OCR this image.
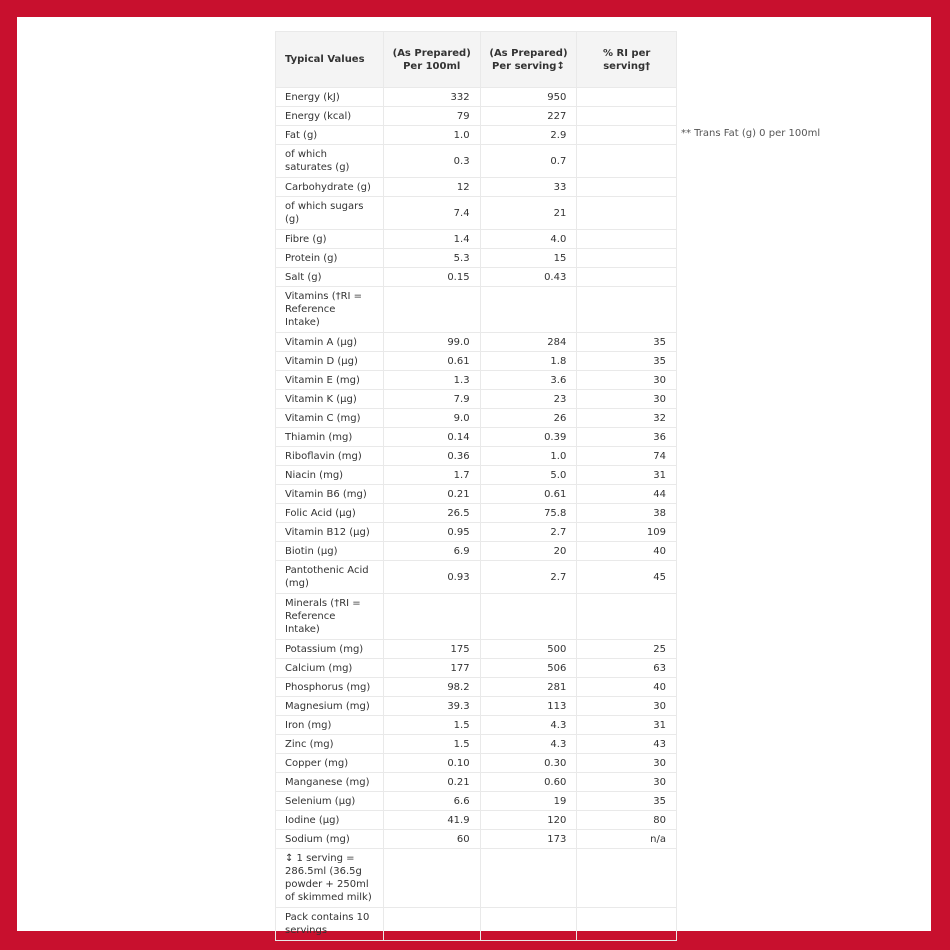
Typical Values	(As Prepared) Per 100ml	(As Prepared) Per serving↕	% RI per serving†
Energy (kJ)	332	950	
Energy (kcal)	79	227	
Fat (g)	1.0	2.9	
of which saturates (g)	0.3	0.7	
Carbohydrate (g)	12	33	
of which sugars (g)	7.4	21	
Fibre (g)	1.4	4.0	
Protein (g)	5.3	15	
Salt (g)	0.15	0.43	
Vitamins (†RI = Reference Intake)			
Vitamin A (µg)	99.0	284	35
Vitamin D (µg)	0.61	1.8	35
Vitamin E (mg)	1.3	3.6	30
Vitamin K (µg)	7.9	23	30
Vitamin C (mg)	9.0	26	32
Thiamin (mg)	0.14	0.39	36
Riboflavin (mg)	0.36	1.0	74
Niacin (mg)	1.7	5.0	31
Vitamin B6 (mg)	0.21	0.61	44
Folic Acid (µg)	26.5	75.8	38
Vitamin B12 (µg)	0.95	2.7	109
Biotin (µg)	6.9	20	40
Pantothenic Acid (mg)	0.93	2.7	45
Minerals (†RI = Reference Intake)			
Potassium (mg)	175	500	25
Calcium (mg)	177	506	63
Phosphorus (mg)	98.2	281	40
Magnesium (mg)	39.3	113	30
Iron (mg)	1.5	4.3	31
Zinc (mg)	1.5	4.3	43
Copper (mg)	0.10	0.30	30
Manganese (mg)	0.21	0.60	30
Selenium (µg)	6.6	19	35
Iodine (µg)	41.9	120	80
Sodium (mg)	60	173	n/a
↕ 1 serving = 286.5ml (36.5g powder + 250ml of skimmed milk)			
Pack contains 10 servings			
** Trans Fat (g) 0 per 100ml
